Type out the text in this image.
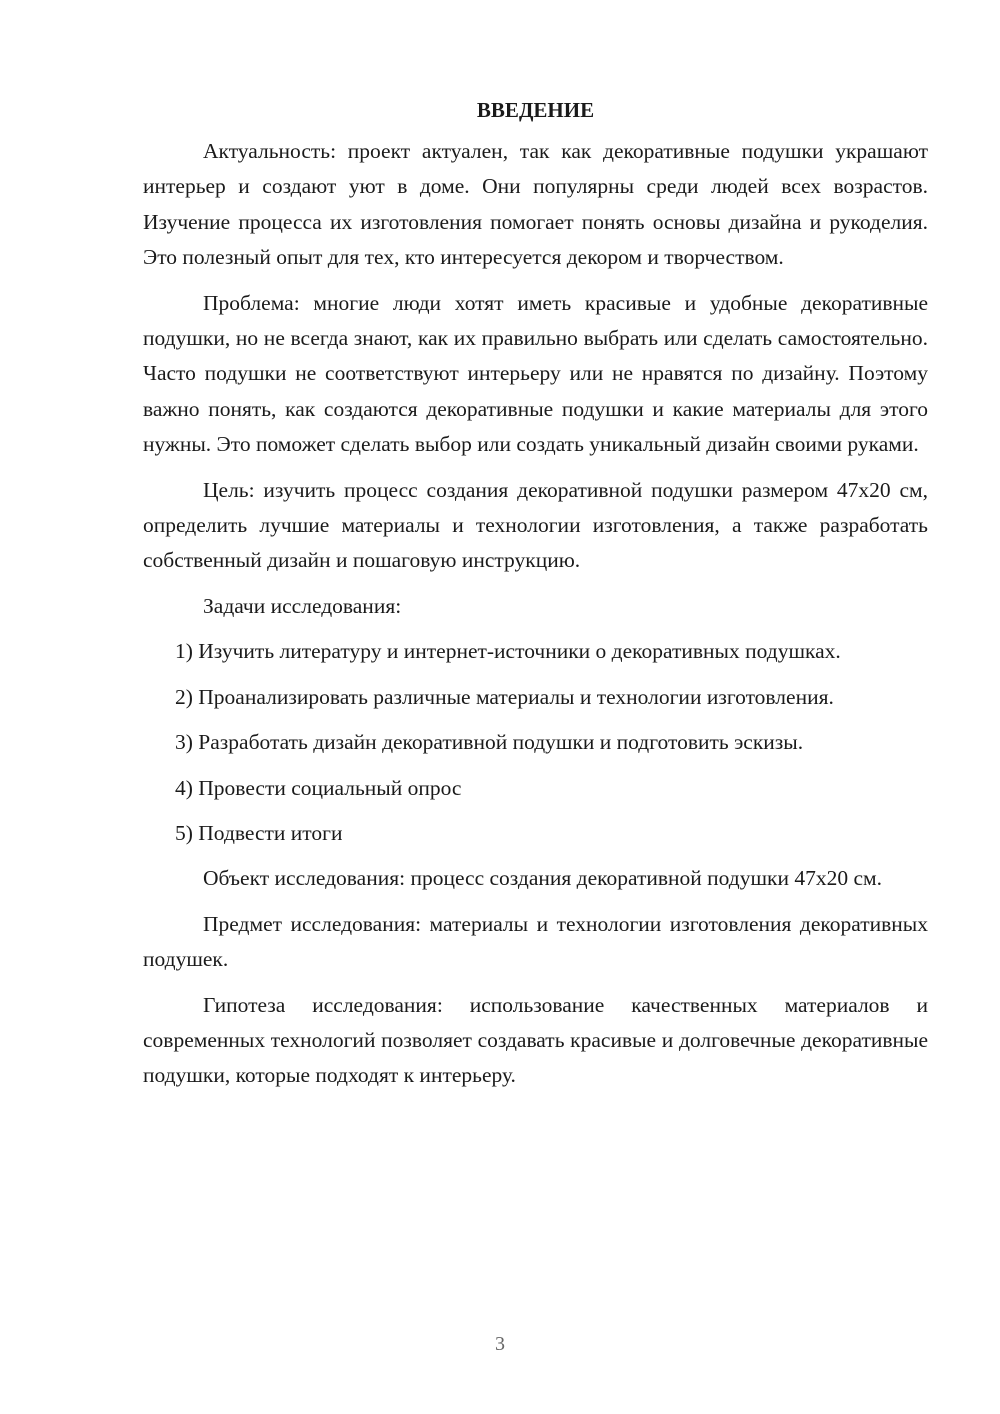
ВВЕДЕНИЕ

Актуальность: проект актуален, так как декоративные подушки украшают интерьер и создают уют в доме. Они популярны среди людей всех возрастов. Изучение процесса их изготовления помогает понять основы дизайна и рукоделия. Это полезный опыт для тех, кто интересуется декором и творчеством.

Проблема: многие люди хотят иметь красивые и удобные декоративные подушки, но не всегда знают, как их правильно выбрать или сделать самостоятельно. Часто подушки не соответствуют интерьеру или не нравятся по дизайну. Поэтому важно понять, как создаются декоративные подушки и какие материалы для этого нужны. Это поможет сделать выбор или создать уникальный дизайн своими руками.

Цель: изучить процесс создания декоративной подушки размером 47х20 см, определить лучшие материалы и технологии изготовления, а также разработать собственный дизайн и пошаговую инструкцию.

Задачи исследования:

1) Изучить литературу и интернет-источники о декоративных подушках.

2) Проанализировать различные материалы и технологии изготовления.

3) Разработать дизайн декоративной подушки и подготовить эскизы.

4) Провести социальный опрос

5) Подвести итоги

Объект исследования: процесс создания декоративной подушки 47х20 см.

Предмет исследования: материалы и технологии изготовления декоративных подушек.

Гипотеза исследования: использование качественных материалов и современных технологий позволяет создавать красивые и долговечные декоративные подушки, которые подходят к интерьеру.

3
